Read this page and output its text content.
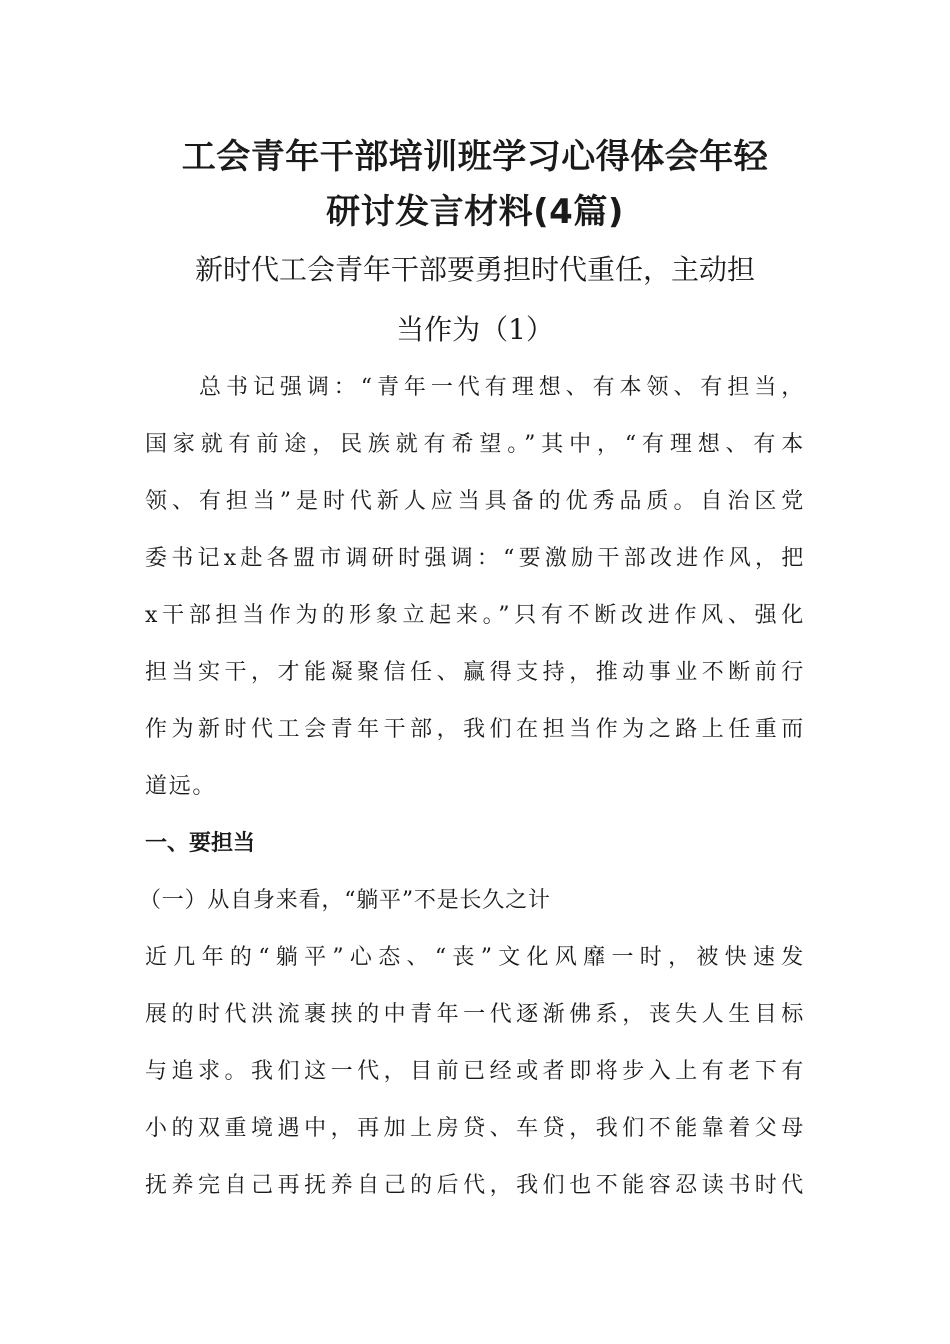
工会青年干部培训班学习心得体会年轻
研讨发言材料(4篇)
新时代工会青年干部要勇担时代重任，主动担
当作为（1）
总书记强调：“青年一代有理想、有本领、有担当，
国家就有前途，民族就有希望。”其中，“有理想、有本
领、有担当”是时代新人应当具备的优秀品质。自治区党
委书记x赴各盟市调研时强调：“要激励干部改进作风，把
x干部担当作为的形象立起来。”只有不断改进作风、强化
担当实干，才能凝聚信任、赢得支持，推动事业不断前行
作为新时代工会青年干部，我们在担当作为之路上任重而
道远。
一、要担当
（一）从自身来看，“躺平”不是长久之计
近几年的“躺平”心态、“丧”文化风靡一时，被快速发
展的时代洪流裹挟的中青年一代逐渐佛系，丧失人生目标
与追求。我们这一代，目前已经或者即将步入上有老下有
小的双重境遇中，再加上房贷、车贷，我们不能靠着父母
抚养完自己再抚养自己的后代，我们也不能容忍读书时代
